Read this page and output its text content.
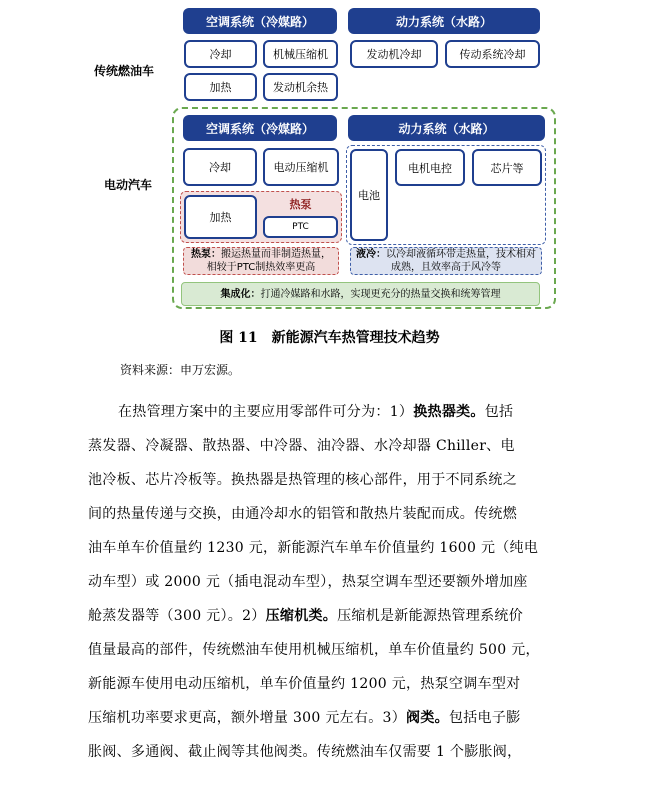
传统燃油车
空调系统（冷媒路）	动力系统（水路）
冷却	机械压缩机
加热	发动机余热
发动机冷却	传动系统冷却
电动汽车
空调系统（冷媒路）	动力系统（水路）
冷却	电动压缩机
加热
热泵
PTC
电池
电机电控	芯片等
热泵：搬运热量而非制造热量，相较于PTC制热效率更高
液冷：以冷却液循环带走热量，技术相对成熟，且效率高于风冷等
集成化：打通冷媒路和水路，实现更充分的热量交换和统筹管理
图 11　新能源汽车热管理技术趋势
资料来源：申万宏源。

在热管理方案中的主要应用零部件可分为：1）换热器类。包括

蒸发器、冷凝器、散热器、中冷器、油冷器、水冷却器 Chiller、电

池冷板、芯片冷板等。换热器是热管理的核心部件，用于不同系统之

间的热量传递与交换，由通冷却水的铝管和散热片装配而成。传统燃

油车单车价值量约 1230 元，新能源汽车单车价值量约 1600 元（纯电

动车型）或 2000 元（插电混动车型），热泵空调车型还要额外增加座

舱蒸发器等（300 元）。2）压缩机类。压缩机是新能源热管理系统价

值量最高的部件，传统燃油车使用机械压缩机，单车价值量约 500 元，

新能源车使用电动压缩机，单车价值量约 1200 元，热泵空调车型对

压缩机功率要求更高，额外增量 300 元左右。3）阀类。包括电子膨

胀阀、多通阀、截止阀等其他阀类。传统燃油车仅需要 1 个膨胀阀，
